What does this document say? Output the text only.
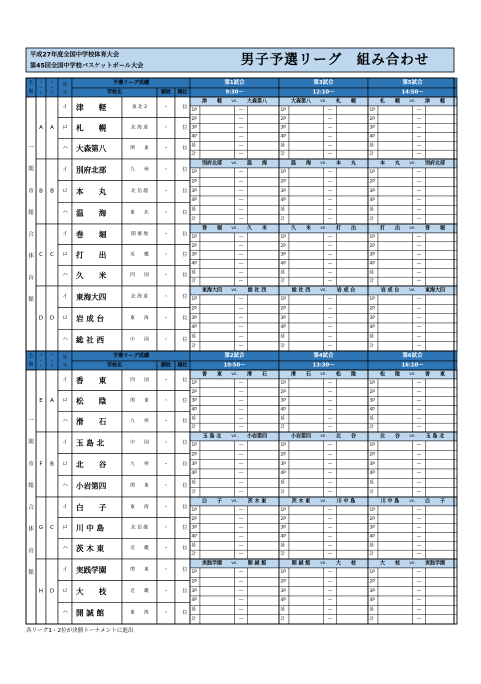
平成27年度全国中学校体育大会
第45回全国中学校バスケットボール大会	男子予選リーグ　組み合わせ
会
場
コ
ー
ト
リ
ー
グ
記
号
予選リーグ成績
学校名	勝敗 順位
第1試合
9:30～
第3試合
12:10～
第5試合
14:50～
A A
イ 津　　軽	東 北 2	・	位
ロ 札　　幌	北 海 道	・	位
ハ 大森第八	関　　東	・	位
津　　軽 vs. 大森第八
1P	―
2P	―
3P	―
4P	―
延	―
計	―
大森第八 vs. 札　　幌
1P	―
2P	―
3P	―
4P	―
延	―
計	―
札　　幌 vs. 津　　軽
1P	―
2P	―
3P	―
4P	―
延	―
計	―
B B
イ 別府北部	九　　州	・	位
ロ 本　　丸	北 信 越	・	位
ハ 温　　海	東　　北	・	位
別府北部 vs. 温　　海
1P	―
2P	―
3P	―
4P	―
延	―
計	―
温　　海 vs. 本　　丸
1P	―
2P	―
3P	―
4P	―
延	―
計	―
本　　丸 vs. 別府北部
1P	―
2P	―
3P	―
4P	―
延	―
計	―
C C
イ 巻　　堀	開 催 地	・	位
ロ 打　　出	近　　畿	・	位
ハ 久　　米	四　　国	・	位
巻　　堀 vs. 久　　米
1P	―
2P	―
3P	―
4P	―
延	―
計	―
久　　米 vs. 打　　出
1P	―
2P	―
3P	―
4P	―
延	―
計	―
打　　出 vs. 巻　　堀
1P	―
2P	―
3P	―
4P	―
延	―
計	―
D D
イ 東海大四	北 海 道	・	位
ロ 岩 成 台	東　　海	・	位
ハ 総 社 西	中　　国	・	位
東海大四 vs. 総 社 西
1P	―
2P	―
3P	―
4P	―
延	―
計	―
総 社 西 vs. 岩 成 台
1P	―
2P	―
3P	―
4P	―
延	―
計	―
岩 成 台 vs. 東海大四
1P	―
2P	―
3P	―
4P	―
延	―
計	―
一
関
市
総
合
体
育
館
会
場
コ
ー
ト
リ
ー
グ
記
号
予選リーグ成績
学校名	勝敗 順位
第2試合
10:50～
第4試合
13:30～
第6試合
16:10～
E A
イ 香　　東	四　　国	・	位
ロ 松　　陰	関　　東	・	位
ハ 滑　　石	九　　州	・	位
香　　東 vs. 滑　　石
1P	―
2P	―
3P	―
4P	―
延	―
計	―
滑　　石 vs. 松　　陰
1P	―
2P	―
3P	―
4P	―
延	―
計	―
松　　陰 vs. 香　　東
1P	―
2P	―
3P	―
4P	―
延	―
計	―
F B
イ 玉 島 北	中　　国	・	位
ロ 北　　谷	九　　州	・	位
ハ 小岩第四	関　　東	・	位
玉 島 北 vs. 小岩第四
1P	―
2P	―
3P	―
4P	―
延	―
計	―
小岩第四 vs. 北　　谷
1P	―
2P	―
3P	―
4P	―
延	―
計	―
北　　谷 vs. 玉 島 北
1P	―
2P	―
3P	―
4P	―
延	―
計	―
G C
イ 白　　子	東　　海	・	位
ロ 川 中 島	北 信 越	・	位
ハ 茨 木 東	近　　畿	・	位
白　　子 vs. 茨 木 東
1P	―
2P	―
3P	―
4P	―
延	―
計	―
茨 木 東 vs. 川 中 島
1P	―
2P	―
3P	―
4P	―
延	―
計	―
川 中 島 vs. 白　　子
1P	―
2P	―
3P	―
4P	―
延	―
計	―
H D
イ 実践学園	関　　東	・	位
ロ 大　　枝	近　　畿	・	位
ハ 開 誠 館	東　　海	・	位
実践学園 vs. 開 誠 館
1P	―
2P	―
3P	―
4P	―
延	―
計	―
開 誠 館 vs. 大　　枝
1P	―
2P	―
3P	―
4P	―
延	―
計	―
大　　枝 vs. 実践学園
1P	―
2P	―
3P	―
4P	―
延	―
計	―
一
関
市
総
合
体
育
館
各リーグ1・2位が決勝トーナメントに進出
